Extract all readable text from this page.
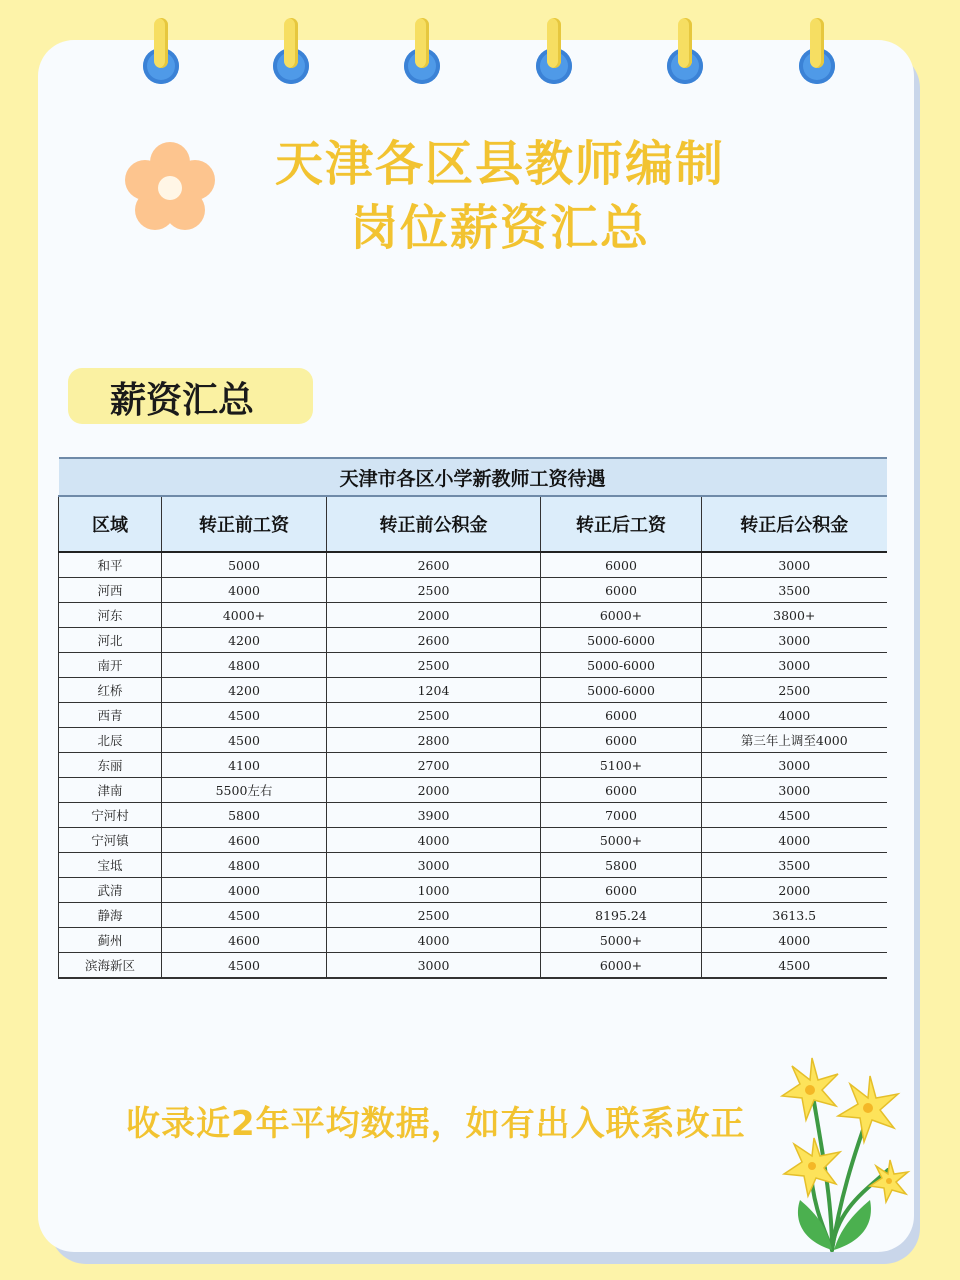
天津各区县教师编制
岗位薪资汇总
薪资汇总
天津市各区小学新教师工资待遇				
区域	转正前工资	转正前公积金	转正后工资	转正后公积金
和平	5000	2600	6000	3000
河西	4000	2500	6000	3500
河东	4000+	2000	6000+	3800+
河北	4200	2600	5000-6000	3000
南开	4800	2500	5000-6000	3000
红桥	4200	1204	5000-6000	2500
西青	4500	2500	6000	4000
北辰	4500	2800	6000	第三年上调至4000
东丽	4100	2700	5100+	3000
津南	5500左右	2000	6000	3000
宁河村	5800	3900	7000	4500
宁河镇	4600	4000	5000+	4000
宝坻	4800	3000	5800	3500
武清	4000	1000	6000	2000
静海	4500	2500	8195.24	3613.5
蓟州	4600	4000	5000+	4000
滨海新区	4500	3000	6000+	4500
收录近2年平均数据，如有出入联系改正
